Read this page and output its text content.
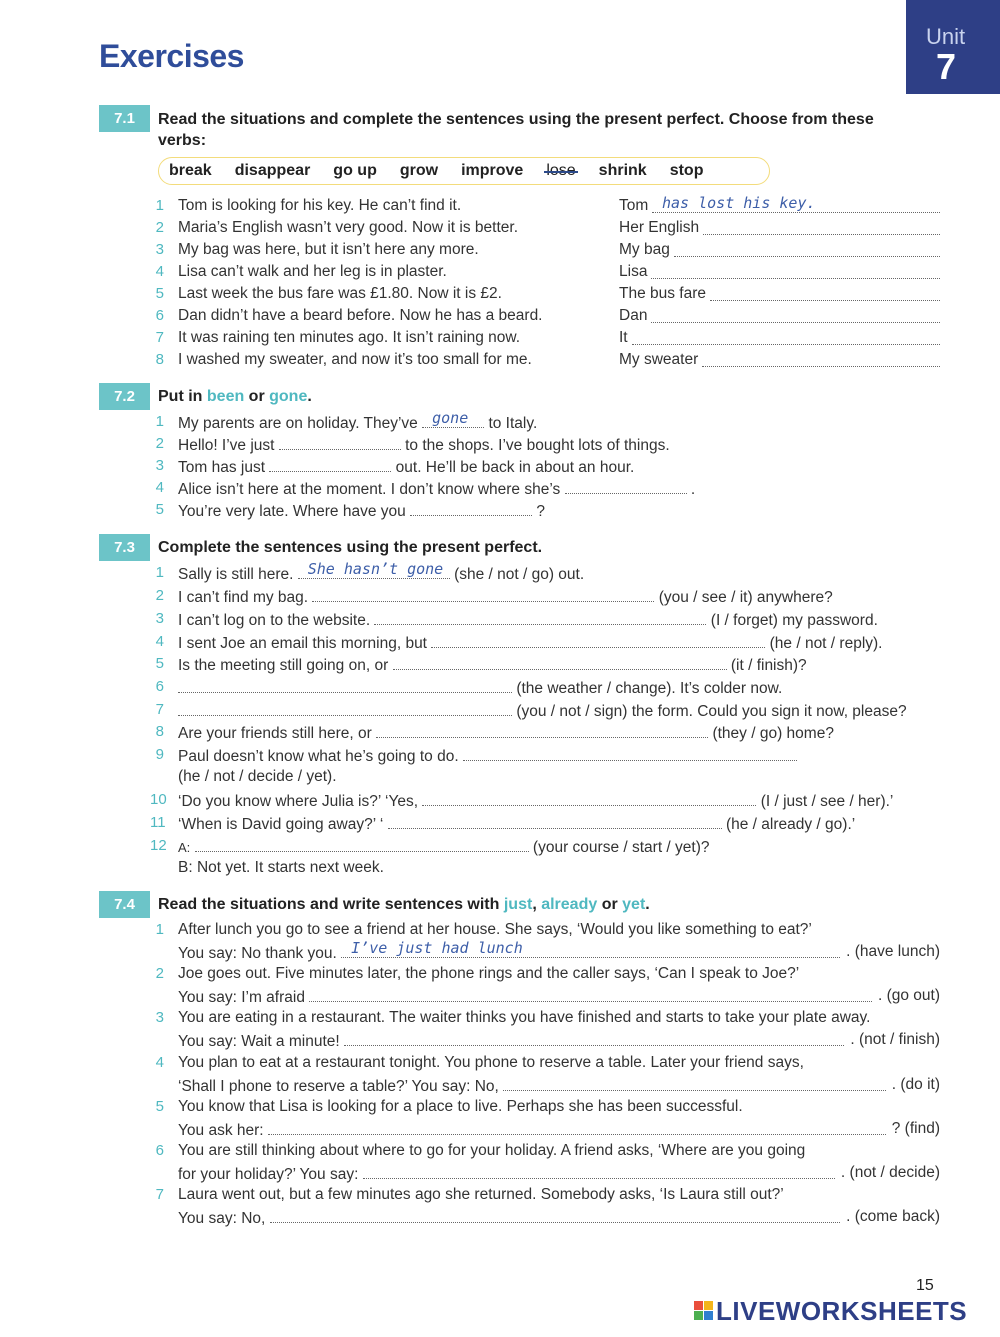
Exercises
Unit
7
7.1	Read the situations and complete the sentences using the present perfect. Choose from these
verbs:
break disappear go up grow improve lose shrink stop
1 Tom is looking for his key. He can’t find it.	Tom has lost his key.
2 Maria’s English wasn’t very good. Now it is better.	Her English
3 My bag was here, but it isn’t here any more.	My bag
4 Lisa can’t walk and her leg is in plaster.	Lisa
5 Last week the bus fare was £1.80. Now it is £2.	The bus fare
6 Dan didn’t have a beard before. Now he has a beard.	Dan
7 It was raining ten minutes ago. It isn’t raining now.	It
8 I washed my sweater, and now it’s too small for me.	My sweater
7.2	Put in been or gone.
1 My parents are on holiday. They’ve gone to Italy.
2 Hello! I’ve just	to the shops. I’ve bought lots of things.
3 Tom has just	out. He’ll be back in about an hour.
4 Alice isn’t here at the moment. I don’t know where she’s	.
5 You’re very late. Where have you	?
7.3	Complete the sentences using the present perfect.
1 Sally is still here. She hasn’t gone (she / not / go) out.
2 I can’t find my bag.	(you / see / it) anywhere?
3 I can’t log on to the website.	(I / forget) my password.
4 I sent Joe an email this morning, but	(he / not / reply).
5 Is the meeting still going on, or	(it / finish)?
6	(the weather / change). It’s colder now.
7	(you / not / sign) the form. Could you sign it now, please?
8 Are your friends still here, or	(they / go) home?
9 Paul doesn’t know what he’s going to do.
(he / not / decide / yet).
10 ‘Do you know where Julia is?’ ‘Yes,	(I / just / see / her).’
11 ‘When is David going away?’ ‘	(he / already / go).’
12 A:	(your course / start / yet)?
B: Not yet. It starts next week.
7.4	Read the situations and write sentences with just, already or yet.
1 After lunch you go to see a friend at her house. She says, ‘Would you like something to eat?’
You say: No thank you. I’ve just had lunch	. (have lunch)
2 Joe goes out. Five minutes later, the phone rings and the caller says, ‘Can I speak to Joe?’
You say: I’m afraid	. (go out)
3 You are eating in a restaurant. The waiter thinks you have finished and starts to take your plate away.
You say: Wait a minute!	. (not / finish)
4 You plan to eat at a restaurant tonight. You phone to reserve a table. Later your friend says,
‘Shall I phone to reserve a table?’ You say: No,	. (do it)
5 You know that Lisa is looking for a place to live. Perhaps she has been successful.
You ask her:	? (find)
6 You are still thinking about where to go for your holiday. A friend asks, ‘Where are you going
for your holiday?’ You say:	. (not / decide)
7 Laura went out, but a few minutes ago she returned. Somebody asks, ‘Is Laura still out?’
You say: No,	. (come back)
15
LIVEWORKSHEETS
